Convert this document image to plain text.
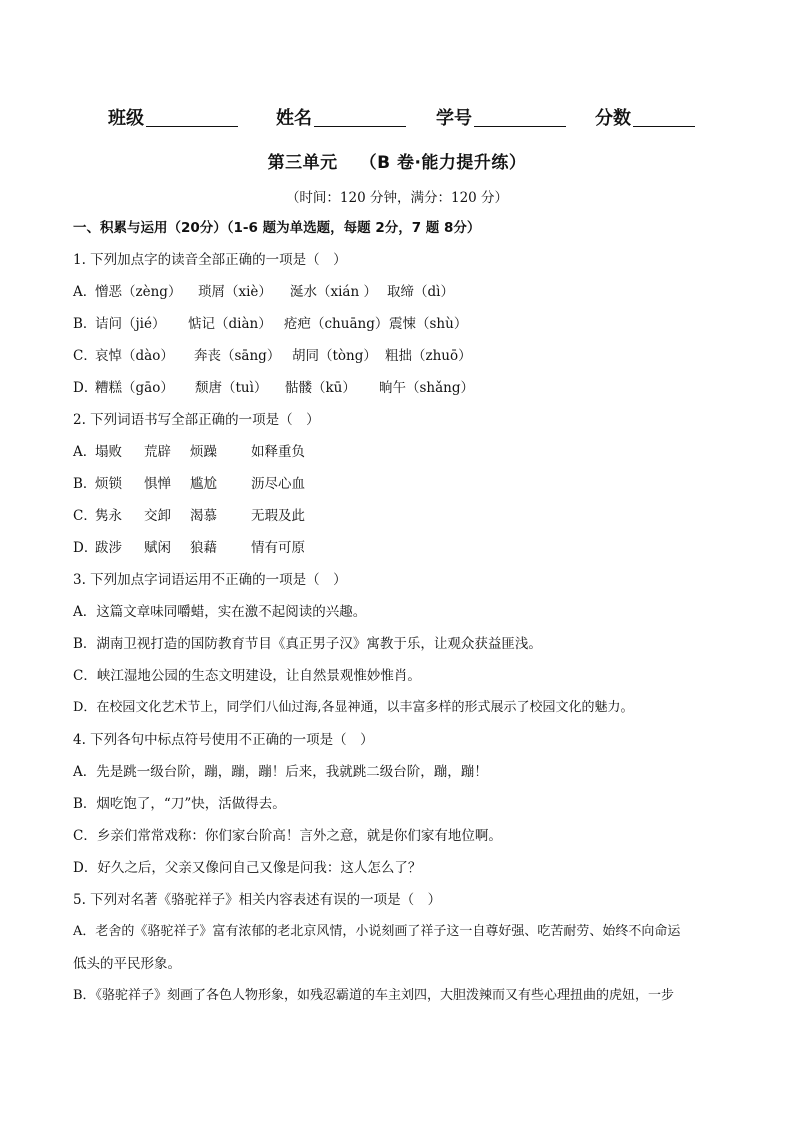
班级	姓名	学号	分数
第三单元 （B 卷·能力提升练）
（时间：120 分钟，满分：120 分）
一、积累与运用（20分）（1-6 题为单选题，每题 2分，7 题 8分）
1. 下列加点字的读音全部正确的一项是（　）
A．
憎恶（zèng） 琐屑（xiè） 涎水（xián ） 取缔（dì）
B．
诘问（jié） 惦记（diàn） 疮疤（chuāng） 震悚（shù）
C．
哀悼（dào） 奔丧（sāng） 胡同（tòng） 粗拙（zhuō）
D．
糟糕（gāo） 颓唐（tuì） 骷髅（kū） 晌午（shǎng）
2. 下列词语书写全部正确的一项是（　）
A．
塌败 荒辟 烦躁	如释重负
B．
烦锁 惧惮 尴尬	沥尽心血
C．
隽永 交卸 渴慕	无瑕及此
D．
跋涉 赋闲 狼藉	情有可原
3. 下列加点字词语运用不正确的一项是（　）
A．这篇文章味同嚼蜡，实在激不起阅读的兴趣。
B．湖南卫视打造的国防教育节目《真正男子汉》寓教于乐，让观众获益匪浅。
C．峡江湿地公园的生态文明建设，让自然景观惟妙惟肖。
D．在校园文化艺术节上，同学们八仙过海,各显神通，以丰富多样的形式展示了校园文化的魅力。
4. 下列各句中标点符号使用不正确的一项是（　）
A．先是跳一级台阶，蹦，蹦，蹦！后来，我就跳二级台阶，蹦，蹦！
B．烟吃饱了，“刀”快，活做得去。
C．乡亲们常常戏称：你们家台阶高！言外之意，就是你们家有地位啊。
D．好久之后，父亲又像问自己又像是问我：这人怎么了？
5. 下列对名著《骆驼祥子》相关内容表述有误的一项是（　）
A．老舍的《骆驼祥子》富有浓郁的老北京风情，小说刻画了祥子这一自尊好强、吃苦耐劳、始终不向命运
低头的平民形象。
B．《骆驼祥子》刻画了各色人物形象，如残忍霸道的车主刘四，大胆泼辣而又有些心理扭曲的虎妞，一步
